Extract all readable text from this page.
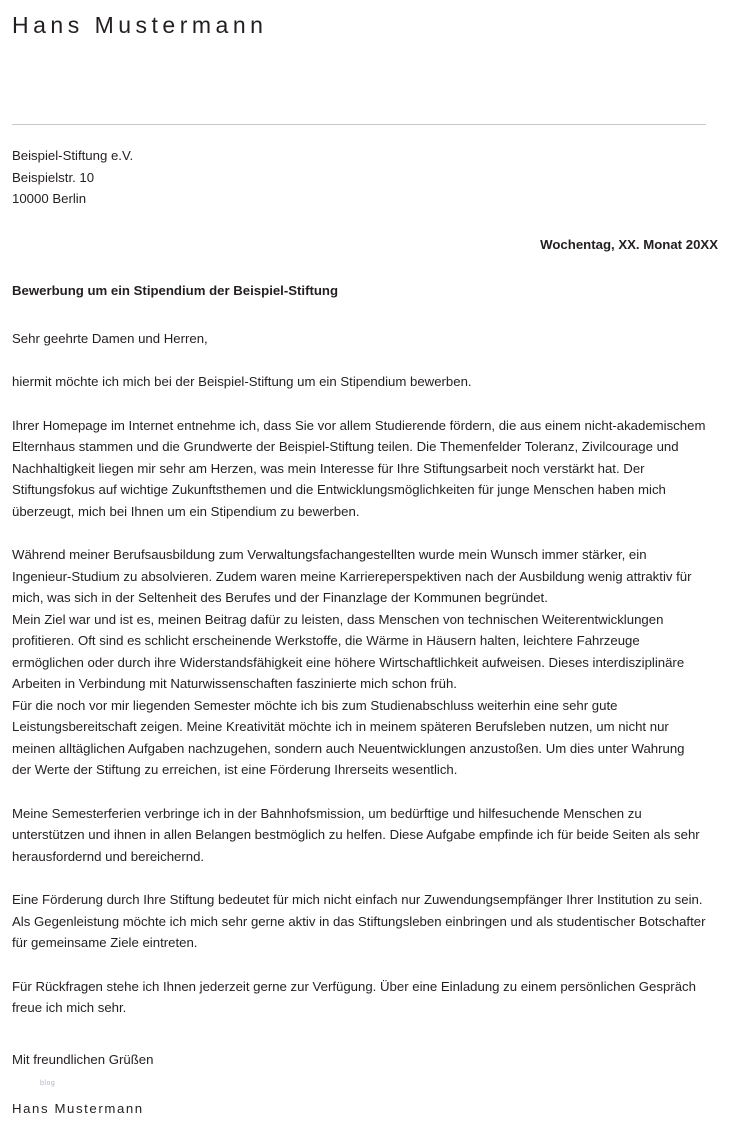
Hans Mustermann
Beispiel-Stiftung e.V.
Beispielstr. 10
10000 Berlin
Wochentag, XX. Monat 20XX
Bewerbung um ein Stipendium der Beispiel-Stiftung
Sehr geehrte Damen und Herren,
hiermit möchte ich mich bei der Beispiel-Stiftung um ein Stipendium bewerben.
Ihrer Homepage im Internet entnehme ich, dass Sie vor allem Studierende fördern, die aus einem nicht-akademischem Elternhaus stammen und die Grundwerte der Beispiel-Stiftung teilen. Die Themenfelder Toleranz, Zivilcourage und Nachhaltigkeit liegen mir sehr am Herzen, was mein Interesse für Ihre Stiftungsarbeit noch verstärkt hat. Der Stiftungsfokus auf wichtige Zukunftsthemen und die Entwicklungsmöglichkeiten für junge Menschen haben mich überzeugt, mich bei Ihnen um ein Stipendium zu bewerben.
Während meiner Berufsausbildung zum Verwaltungsfachangestellten wurde mein Wunsch immer stärker, ein Ingenieur-Studium zu absolvieren. Zudem waren meine Karriereperspektiven nach der Ausbildung wenig attraktiv für mich, was sich in der Seltenheit des Berufes und der Finanzlage der Kommunen begründet.
Mein Ziel war und ist es, meinen Beitrag dafür zu leisten, dass Menschen von technischen Weiterentwicklungen profitieren. Oft sind es schlicht erscheinende Werkstoffe, die Wärme in Häusern halten, leichtere Fahrzeuge ermöglichen oder durch ihre Widerstandsfähigkeit eine höhere Wirtschaftlichkeit aufweisen. Dieses interdisziplinäre Arbeiten in Verbindung mit Naturwissenschaften faszinierte mich schon früh.
Für die noch vor mir liegenden Semester möchte ich bis zum Studienabschluss weiterhin eine sehr gute Leistungsbereitschaft zeigen. Meine Kreativität möchte ich in meinem späteren Berufsleben nutzen, um nicht nur meinen alltäglichen Aufgaben nachzugehen, sondern auch Neuentwicklungen anzustoßen. Um dies unter Wahrung der Werte der Stiftung zu erreichen, ist eine Förderung Ihrerseits wesentlich.
Meine Semesterferien verbringe ich in der Bahnhofsmission, um bedürftige und hilfesuchende Menschen zu unterstützen und ihnen in allen Belangen bestmöglich zu helfen. Diese Aufgabe empfinde ich für beide Seiten als sehr herausfordernd und bereichernd.
Eine Förderung durch Ihre Stiftung bedeutet für mich nicht einfach nur Zuwendungsempfänger Ihrer Institution zu sein. Als Gegenleistung möchte ich mich sehr gerne aktiv in das Stiftungsleben einbringen und als studentischer Botschafter für gemeinsame Ziele eintreten.
Für Rückfragen stehe ich Ihnen jederzeit gerne zur Verfügung. Über eine Einladung zu einem persönlichen Gespräch freue ich mich sehr.
Mit freundlichen Grüßen
Hans Mustermann
blog
